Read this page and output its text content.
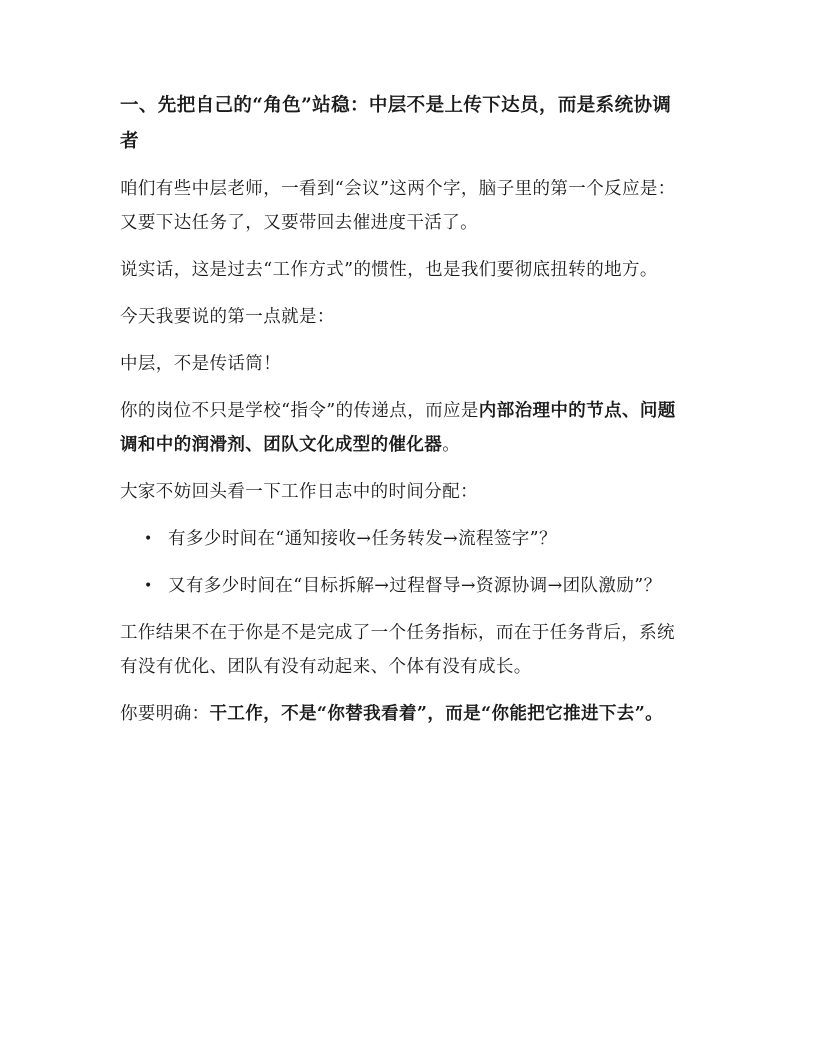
一、先把自己的“角色”站稳：中层不是上传下达员，而是系统协调者

咱们有些中层老师，一看到“会议”这两个字，脑子里的第一个反应是：又要下达任务了，又要带回去催进度干活了。

说实话，这是过去“工作方式”的惯性，也是我们要彻底扭转的地方。

今天我要说的第一点就是：

中层，不是传话筒！

你的岗位不只是学校“指令”的传递点，而应是内部治理中的节点、问题调和中的润滑剂、团队文化成型的催化器。

大家不妨回头看一下工作日志中的时间分配：

• 有多少时间在“通知接收→任务转发→流程签字”？
• 又有多少时间在“目标拆解→过程督导→资源协调→团队激励”？

工作结果不在于你是不是完成了一个任务指标，而在于任务背后，系统有没有优化、团队有没有动起来、个体有没有成长。

你要明确：干工作，不是“你替我看着”，而是“你能把它推进下去”。
